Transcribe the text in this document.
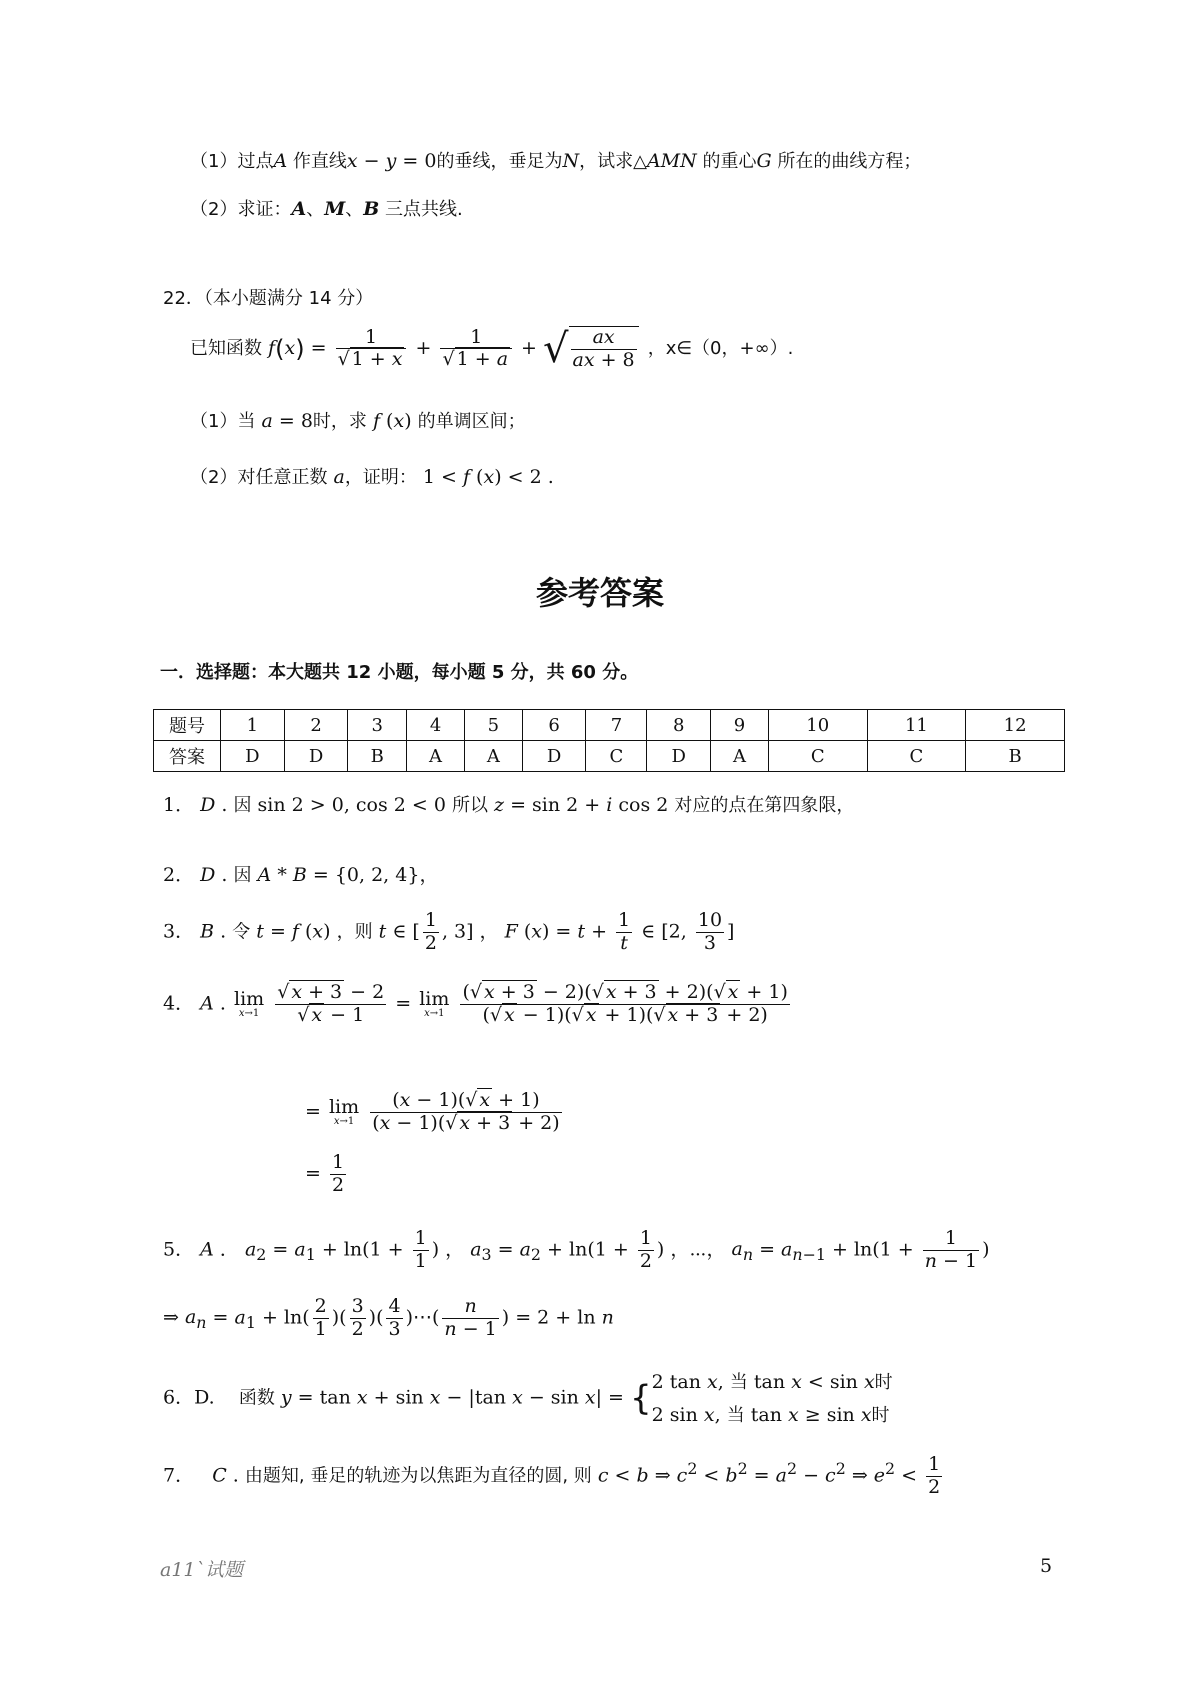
（1）过点A 作直线x − y = 0的垂线，垂足为N，试求△AMN 的重心G 所在的曲线方程；
（2）求证：A、M、B 三点共线.
22．（本小题满分 14 分）
已知函数 $f(x) = \frac{1}{√ 1 + x} + \frac{1}{√ 1 + a}$ + √ $\frac{ax}{ax + 8}$ ，x∈（0，+∞）.
（1）当 a = 8时，求 f (x) 的单调区间；
（2）对任意正数 a，证明： 1 < f (x) < 2 .
参考答案
一．选择题：本大题共 12 小题，每小题 5 分，共 60 分。
题号	1	2	3	4	5	6	7	8	9	10	11	12
答案	D	D	B	A	A	D	C	D	A	C	C	B
1． D . 因 sin 2 > 0, cos 2 < 0 所以 z = sin 2 + i cos 2 对应的点在第四象限，
2． D . 因 A * B = {0, 2, 4}，
3． B . 令 t = f (x) ，则 t ∈ [ $\frac{1}{2}$ , 3] ， F $(x) = t + \frac{1}{t}$ ∈ [2, $\frac{10}{3}$ ]
4． A . lim
x→1
$\frac{√ x + 3 - 2}{√ x - 1} = \lim$
x→1
$\frac{(√ x + 3 - 2)(√ x + 3 + 2)(√ x + 1)}{(√ x - 1)(√ x + 1)(√ x + 3 + 2)}$
= lim
x→1
$\frac{(x - 1)(√ x + 1)}{(x - 1)(√ x + 3 + 2)}$
= $\frac{1}{2}$
5． A ． $a_2 = a_1 + \ln(1 + \frac{1}{1}$ ) ， $a_3 = a_2 + \ln(1 + \frac{1}{2}$ ) ，⋯， $a_n = a_{n-1} + \ln(1 + \frac{1}{n - 1}$ )
⇒ $a_n = a_1 + \ln( \frac{2}{1}$ )( $\frac{3}{2}$ )( $\frac{4}{3}$ )⋯( $\frac{n}{n - 1}$ ) = 2 + ln n
6．D.    函数 y = tan x + sin x − |tan x − sin x| = { 2 tan x, 当 tan x < sin x时
2 sin x, 当 tan x ≥ sin x时
7．   C . 由题知, 垂足的轨迹为以焦距为直径的圆, 则 c < b ⇒ $c^2 < b^2 = a^2 - c^2$ ⇒ $e^2 < \frac{1}{2}$
a11`试题	5
